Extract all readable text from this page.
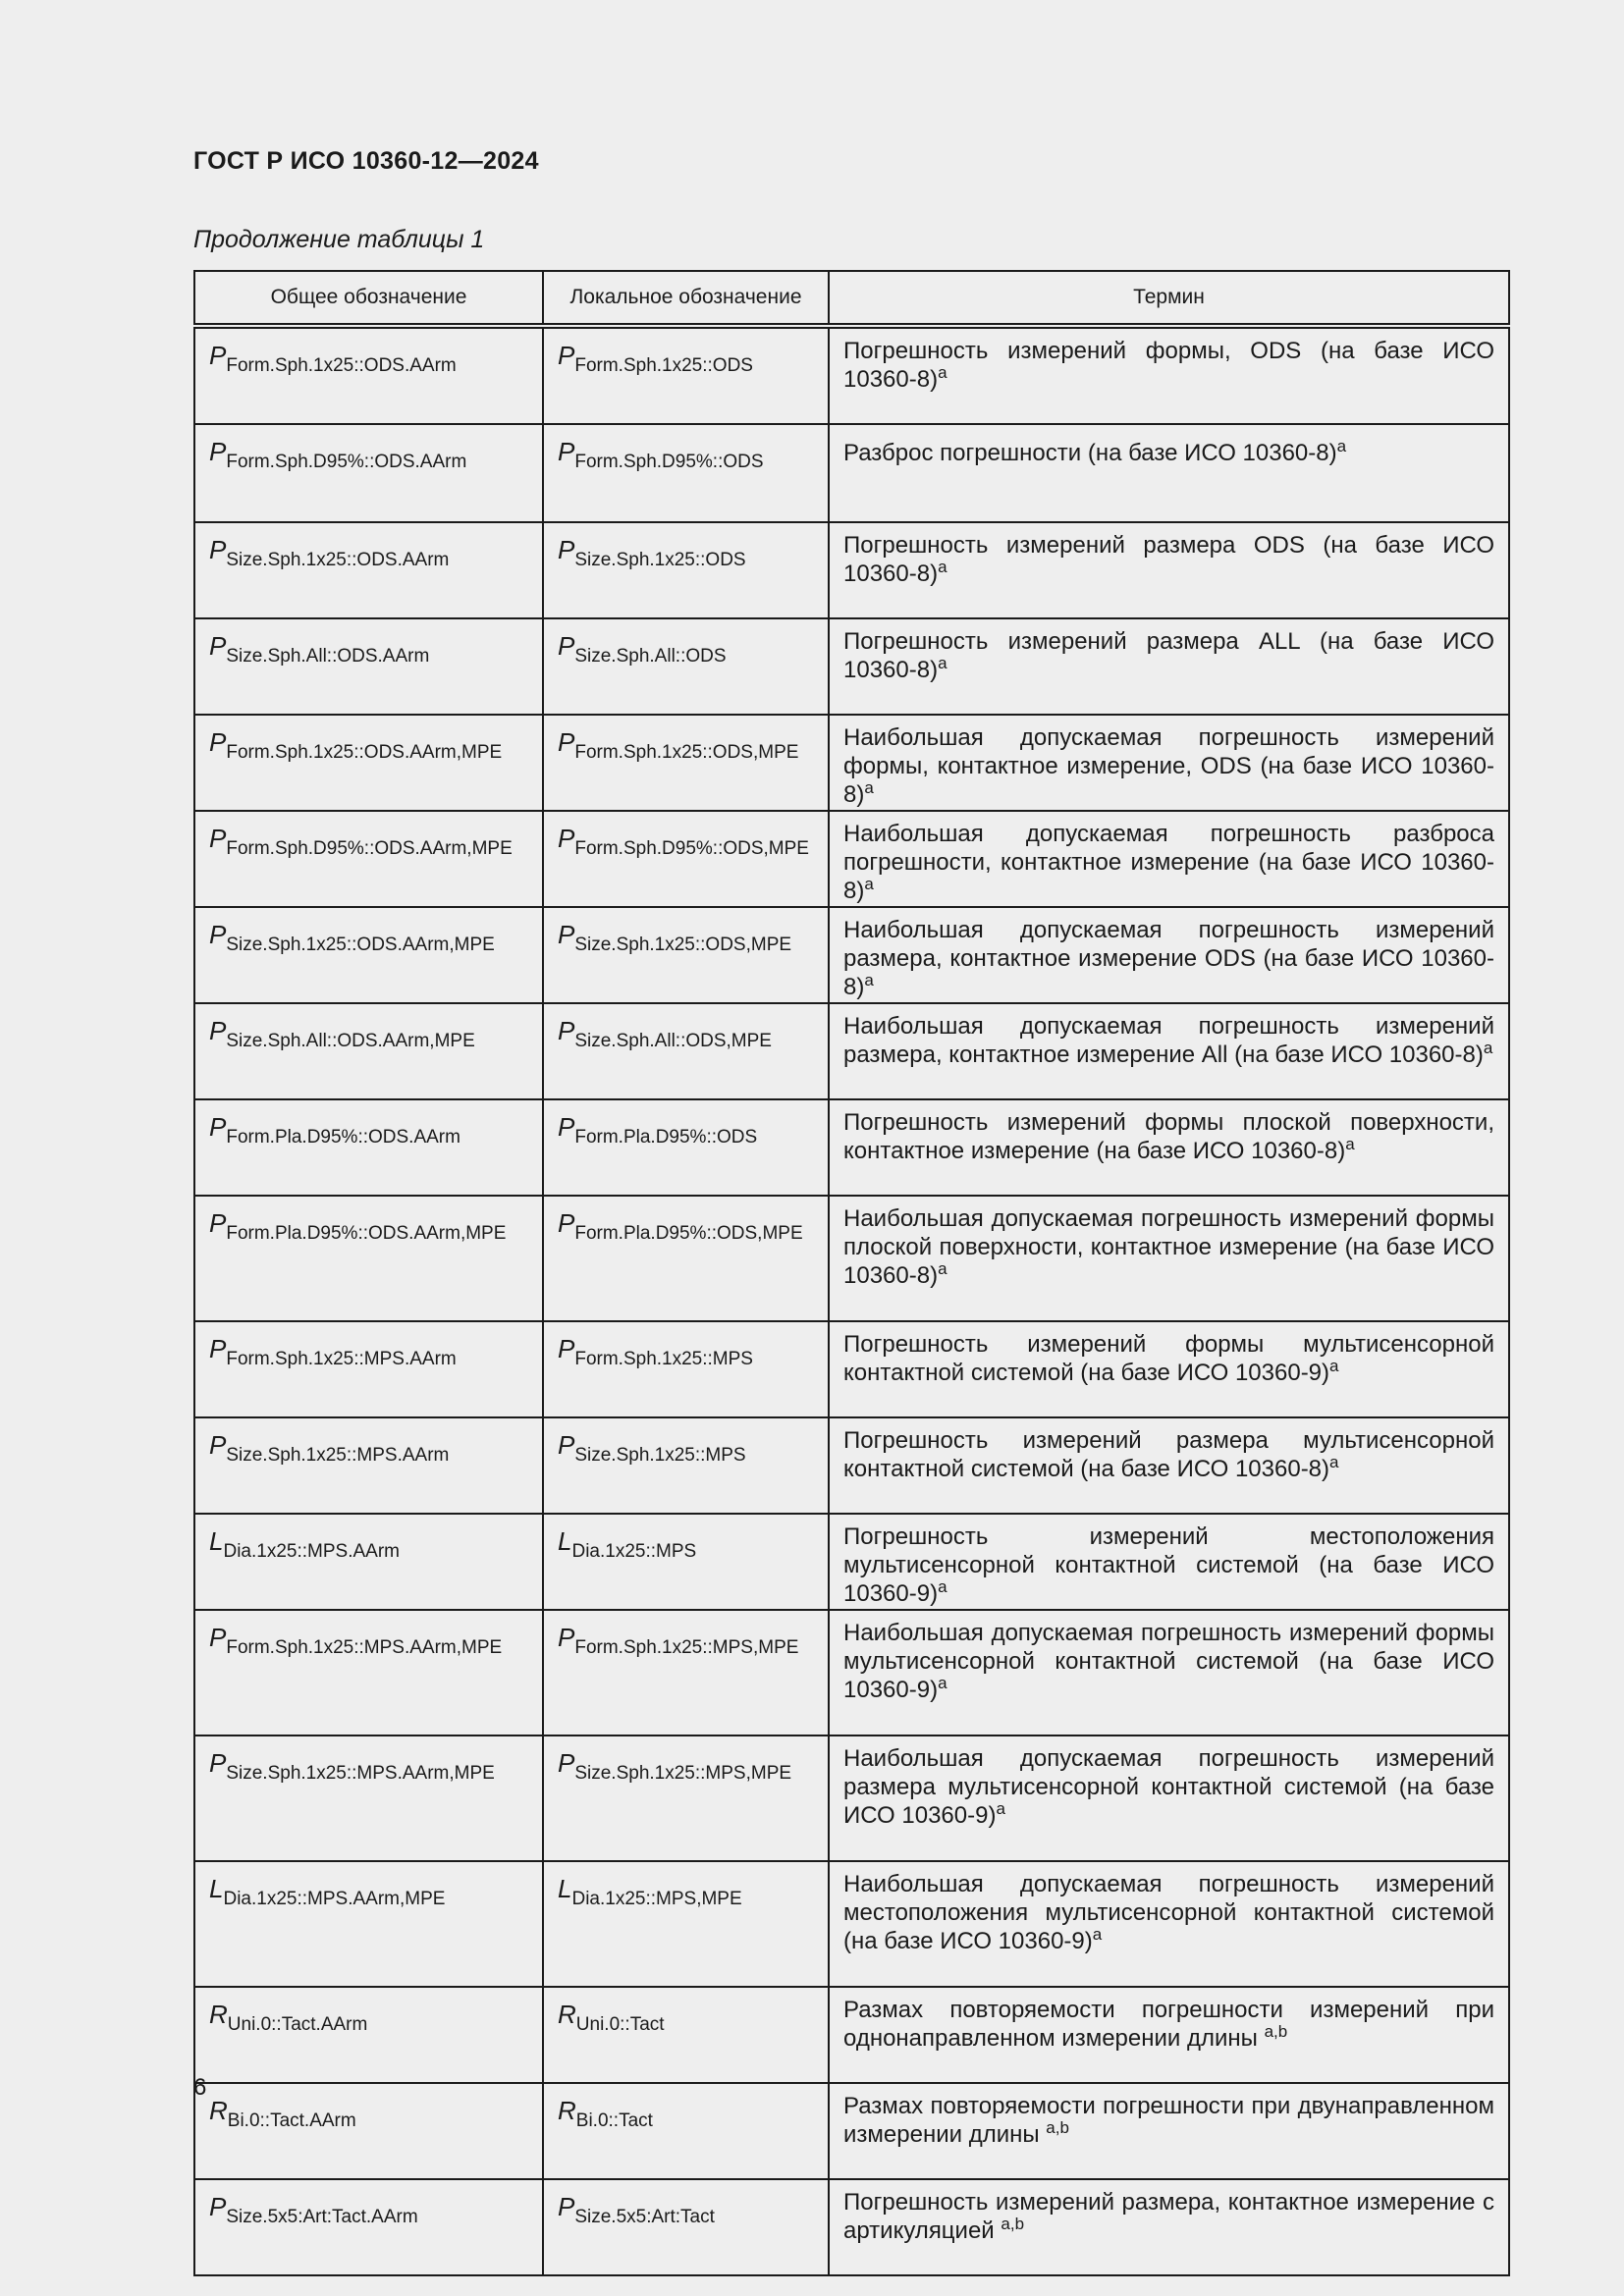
ГОСТ Р ИСО 10360-12—2024
Продолжение таблицы 1
Общее обозначение	Локальное обозначение	Термин
PForm.Sph.1x25::ODS.AArm	PForm.Sph.1x25::ODS	Погрешность измерений формы, ODS (на базе ИСО 10360-8)$^a$
PForm.Sph.D95%::ODS.AArm	PForm.Sph.D95%::ODS	Разброс погрешности (на базе ИСО 10360-8)$^a$
PSize.Sph.1x25::ODS.AArm	PSize.Sph.1x25::ODS	Погрешность измерений размера ODS (на базе ИСО 10360-8)$^a$
PSize.Sph.All::ODS.AArm	PSize.Sph.All::ODS	Погрешность измерений размера ALL (на базе ИСО 10360-8)$^a$
PForm.Sph.1x25::ODS.AArm,MPE	PForm.Sph.1x25::ODS,MPE	Наибольшая допускаемая погрешность измерений формы, контактное измерение, ODS (на базе ИСО 10360-8)$^a$
PForm.Sph.D95%::ODS.AArm,MPE	PForm.Sph.D95%::ODS,MPE	Наибольшая допускаемая погрешность разброса погрешности, контактное измерение (на базе ИСО 10360-8)$^a$
PSize.Sph.1x25::ODS.AArm,MPE	PSize.Sph.1x25::ODS,MPE	Наибольшая допускаемая погрешность измерений размера, контактное измерение ODS (на базе ИСО 10360-8)$^a$
PSize.Sph.All::ODS.AArm,MPE	PSize.Sph.All::ODS,MPE	Наибольшая допускаемая погрешность измерений размера, контактное измерение All (на базе ИСО 10360-8)$^a$
PForm.Pla.D95%::ODS.AArm	PForm.Pla.D95%::ODS	Погрешность измерений формы плоской поверхности, контактное измерение (на базе ИСО 10360-8)$^a$
PForm.Pla.D95%::ODS.AArm,MPE	PForm.Pla.D95%::ODS,MPE	Наибольшая допускаемая погрешность измерений формы плоской поверхности, контактное измерение (на базе ИСО 10360-8)$^a$
PForm.Sph.1x25::MPS.AArm	PForm.Sph.1x25::MPS	Погрешность измерений формы мультисенсорной контактной системой (на базе ИСО 10360-9)$^a$
PSize.Sph.1x25::MPS.AArm	PSize.Sph.1x25::MPS	Погрешность измерений размера мультисенсорной контактной системой (на базе ИСО 10360-8)$^a$
LDia.1x25::MPS.AArm	LDia.1x25::MPS	Погрешность измерений местоположения мультисенсорной контактной системой (на базе ИСО 10360-9)$^a$
PForm.Sph.1x25::MPS.AArm,MPE	PForm.Sph.1x25::MPS,MPE	Наибольшая допускаемая погрешность измерений формы мультисенсорной контактной системой (на базе ИСО 10360-9)$^a$
PSize.Sph.1x25::MPS.AArm,MPE	PSize.Sph.1x25::MPS,MPE	Наибольшая допускаемая погрешность измерений размера мультисенсорной контактной системой (на базе ИСО 10360-9)$^a$
LDia.1x25::MPS.AArm,MPE	LDia.1x25::MPS,MPE	Наибольшая допускаемая погрешность измерений местоположения мультисенсорной контактной системой (на базе ИСО 10360-9)$^a$
RUni.0::Tact.AArm	RUni.0::Tact	Размах повторяемости погрешности измерений при однонаправленном измерении длины $^{a,b}$
RBi.0::Tact.AArm	RBi.0::Tact	Размах повторяемости погрешности при двунаправленном измерении длины $^{a,b}$
PSize.5x5:Art:Tact.AArm	PSize.5x5:Art:Tact	Погрешность измерений размера, контактное измерение с артикуляцией $^{a,b}$
6
